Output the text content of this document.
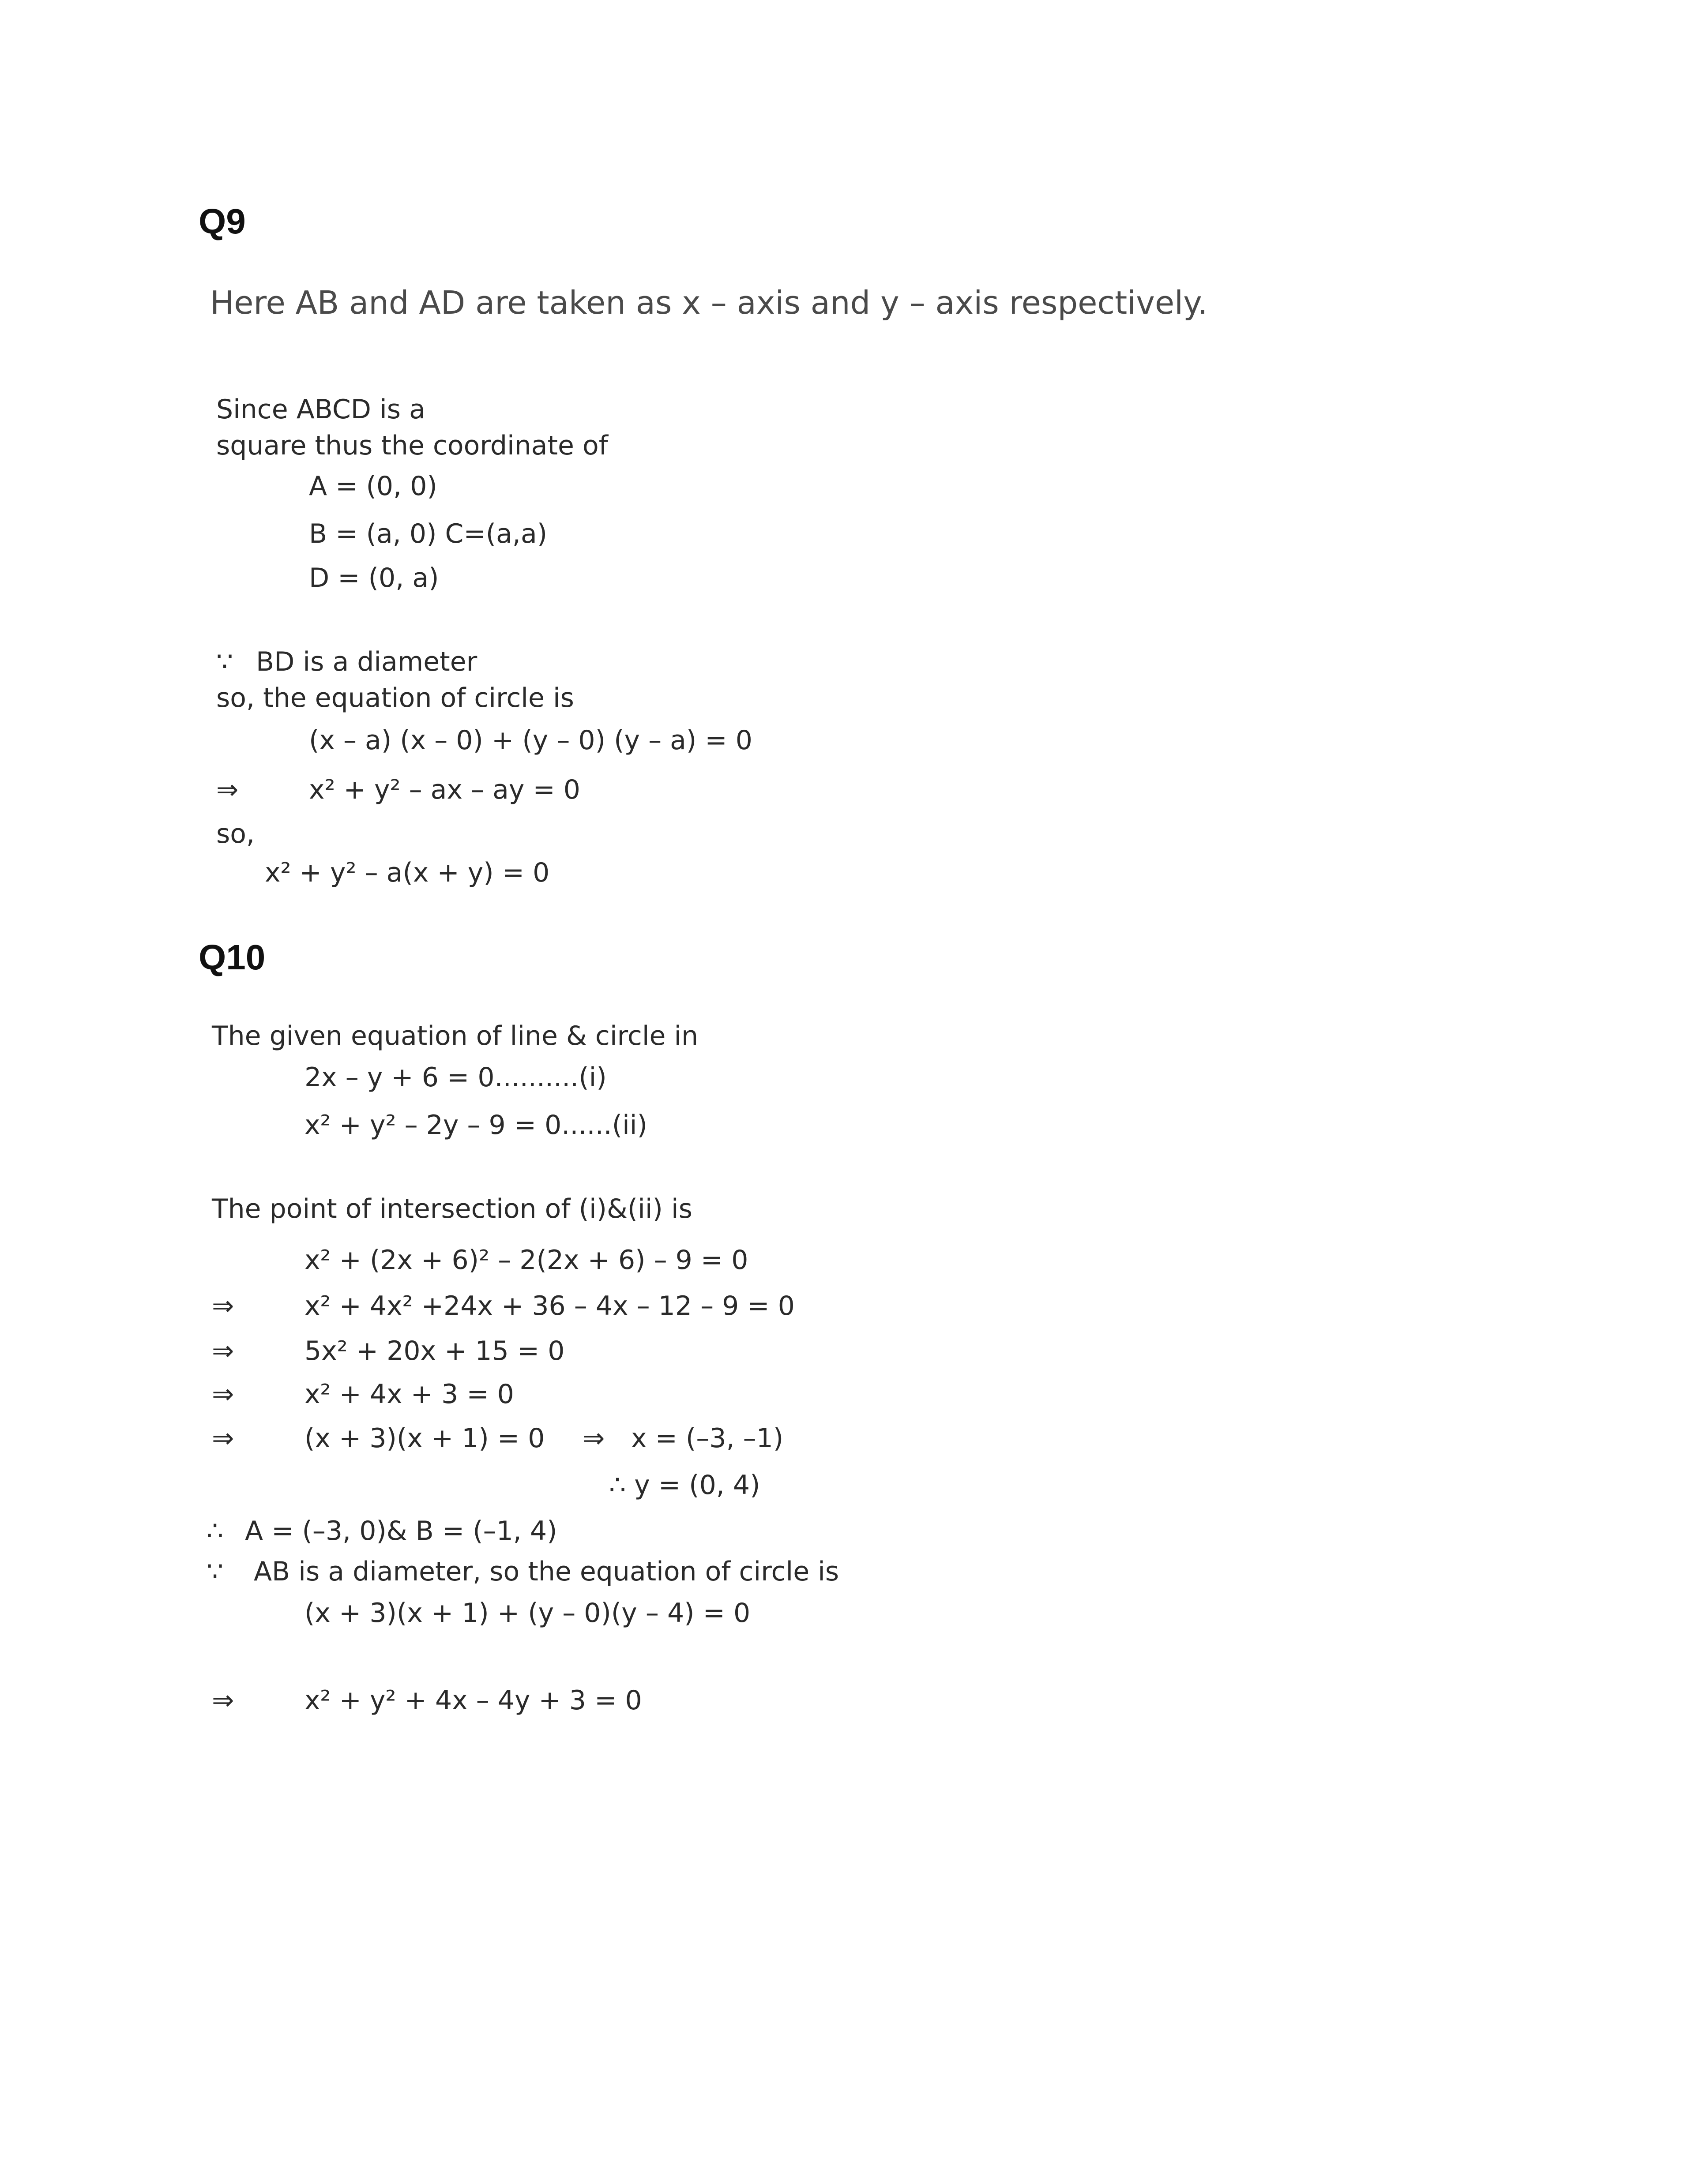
Q9
Here AB and AD are taken as x – axis and y – axis respectively.
Since ABCD is a
square thus the coordinate of
A = (0, 0)
B = (a, 0) C=(a,a)
D = (0, a)
∵ BD is a diameter
so, the equation of circle is
(x – a) (x – 0) + (y – 0) (y – a) = 0
⇒	x² + y² – ax – ay = 0
so,
x² + y² – a(x + y) = 0
Q10
The given equation of line & circle in
2x – y + 6 = 0..........(i)
x² + y² – 2y – 9 = 0......(ii)
The point of intersection of (i)&(ii) is
x² + (2x + 6)² – 2(2x + 6) – 9 = 0
⇒	x² + 4x² +24x + 36 – 4x – 12 – 9 = 0
⇒	5x² + 20x + 15 = 0
⇒	x² + 4x + 3 = 0
⇒	(x + 3)(x + 1) = 0 ⇒ x = (–3, –1)
∴ y = (0, 4)
∴ A = (–3, 0)& B = (–1, 4)
∵ AB is a diameter, so the equation of circle is
(x + 3)(x + 1) + (y – 0)(y – 4) = 0
⇒	x² + y² + 4x – 4y + 3 = 0
